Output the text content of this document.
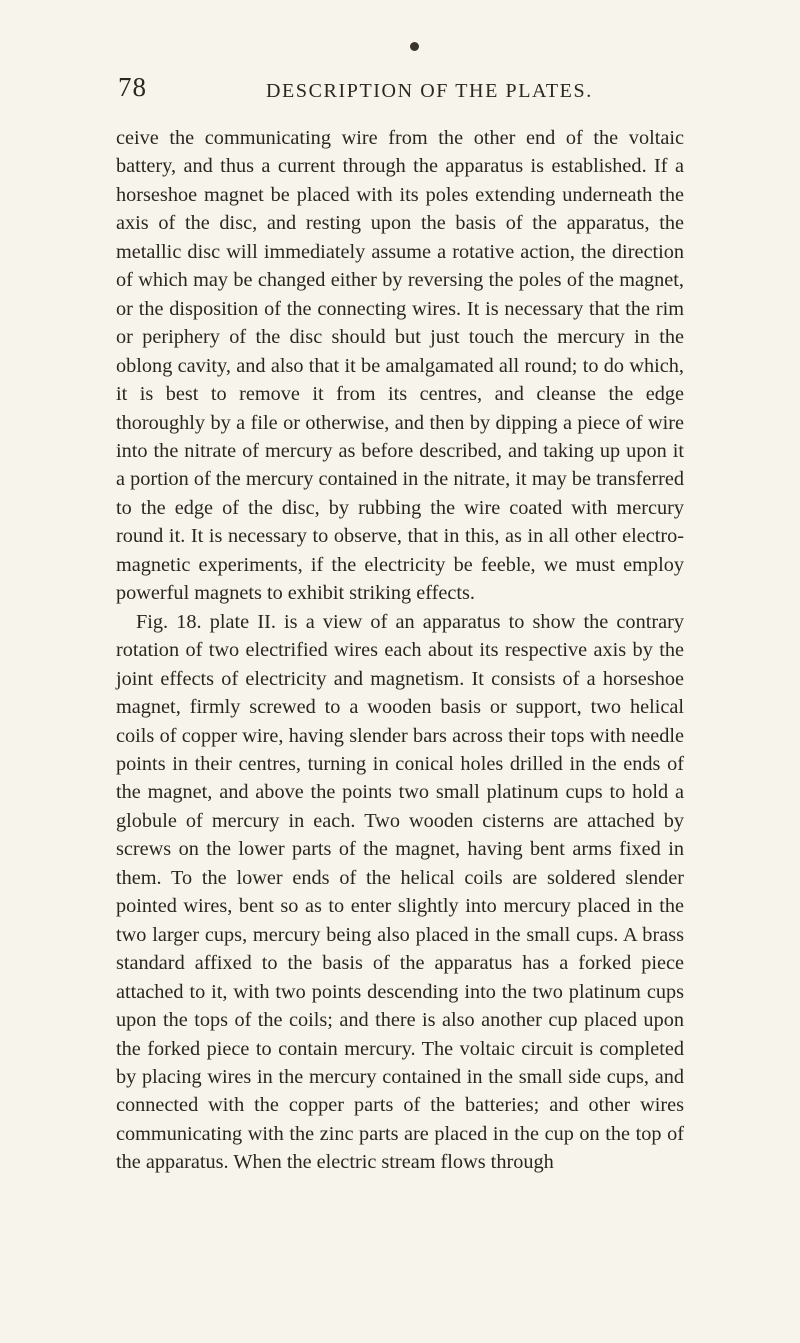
78	DESCRIPTION OF THE PLATES.

ceive the communicating wire from the other end of the voltaic battery, and thus a current through the apparatus is established. If a horseshoe magnet be placed with its poles extending underneath the axis of the disc, and resting upon the basis of the apparatus, the metallic disc will immediately assume a rotative action, the direction of which may be changed either by reversing the poles of the magnet, or the disposition of the connecting wires. It is necessary that the rim or periphery of the disc should but just touch the mercury in the oblong cavity, and also that it be amalgamated all round; to do which, it is best to remove it from its centres, and cleanse the edge thoroughly by a file or otherwise, and then by dipping a piece of wire into the nitrate of mercury as before described, and taking up upon it a portion of the mercury contained in the nitrate, it may be transferred to the edge of the disc, by rubbing the wire coated with mercury round it. It is necessary to observe, that in this, as in all other electro-magnetic experiments, if the electricity be feeble, we must employ powerful magnets to exhibit striking effects.

Fig. 18. plate II. is a view of an apparatus to show the contrary rotation of two electrified wires each about its respective axis by the joint effects of electricity and magnetism. It consists of a horseshoe magnet, firmly screwed to a wooden basis or support, two helical coils of copper wire, having slender bars across their tops with needle points in their centres, turning in conical holes drilled in the ends of the magnet, and above the points two small platinum cups to hold a globule of mercury in each. Two wooden cisterns are attached by screws on the lower parts of the magnet, having bent arms fixed in them. To the lower ends of the helical coils are soldered slender pointed wires, bent so as to enter slightly into mercury placed in the two larger cups, mercury being also placed in the small cups. A brass standard affixed to the basis of the apparatus has a forked piece attached to it, with two points descending into the two platinum cups upon the tops of the coils; and there is also another cup placed upon the forked piece to contain mercury. The voltaic circuit is completed by placing wires in the mercury contained in the small side cups, and connected with the copper parts of the batteries; and other wires communicating with the zinc parts are placed in the cup on the top of the apparatus. When the electric stream flows through
